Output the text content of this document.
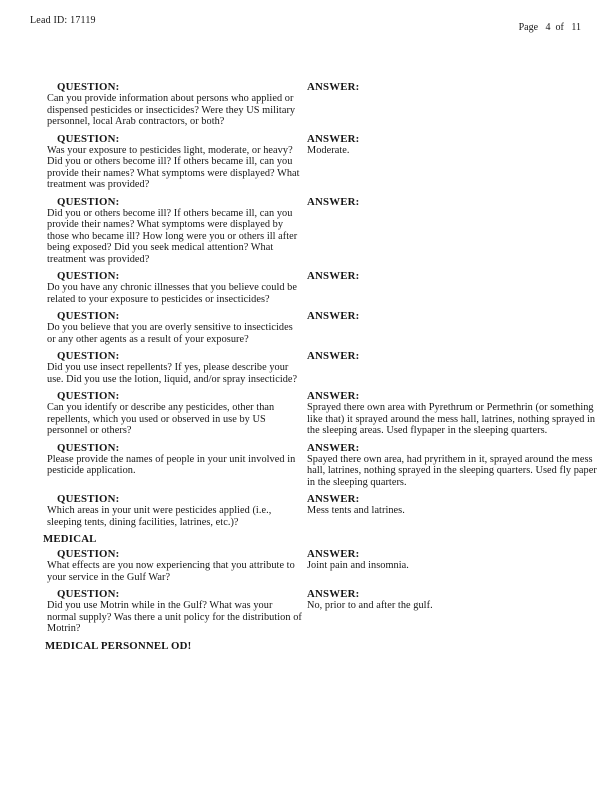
Lead ID: 17119
Page   4  of   11
QUESTION:
Can you provide information about persons who applied or dispensed pesticides or insecticides? Were they US military personnel, local Arab contractors, or both?
ANSWER:
QUESTION:
Was your exposure to pesticides light, moderate, or heavy? Did you or others become ill? If others became ill, can you provide their names? What symptoms were displayed? What treatment was provided?
ANSWER:
Moderate.
QUESTION:
Did you or others become ill? If others became ill, can you provide their names? What symptoms were displayed by those who became ill? How long were you or others ill after being exposed? Did you seek medical attention? What treatment was provided?
ANSWER:
QUESTION:
Do you have any chronic illnesses that you believe could be related to your exposure to pesticides or insecticides?
ANSWER:
QUESTION:
Do you believe that you are overly sensitive to insecticides or any other agents as a result of your exposure?
ANSWER:
QUESTION:
Did you use insect repellents? If yes, please describe your use. Did you use the lotion, liquid, and/or spray insecticide?
ANSWER:
QUESTION:
Can you identify or describe any pesticides, other than repellents, which you used or observed in use by US personnel or others?
ANSWER:
Sprayed there own area with Pyrethrum or Permethrin (or something like that) it sprayed around the mess hall, latrines, nothing sprayed in the sleeping areas. Used flypaper in the sleeping quarters.
QUESTION:
Please provide the names of people in your unit involved in pesticide application.
ANSWER:
Spayed there own area, had pryrithem in it, sprayed around the mess hall, latrines, nothing sprayed in the sleeping quarters. Used fly paper in the sleeping quarters.
QUESTION:
Which areas in your unit were pesticides applied (i.e., sleeping tents, dining facilities, latrines, etc.)?
ANSWER:
Mess tents and latrines.
MEDICAL
QUESTION:
What effects are you now experiencing that you attribute to your service in the Gulf War?
ANSWER:
Joint pain and insomnia.
QUESTION:
Did you use Motrin while in the Gulf? What was your normal supply? Was there a unit policy for the distribution of Motrin?
ANSWER:
No, prior to and after the gulf.
MEDICAL PERSONNEL OD!
